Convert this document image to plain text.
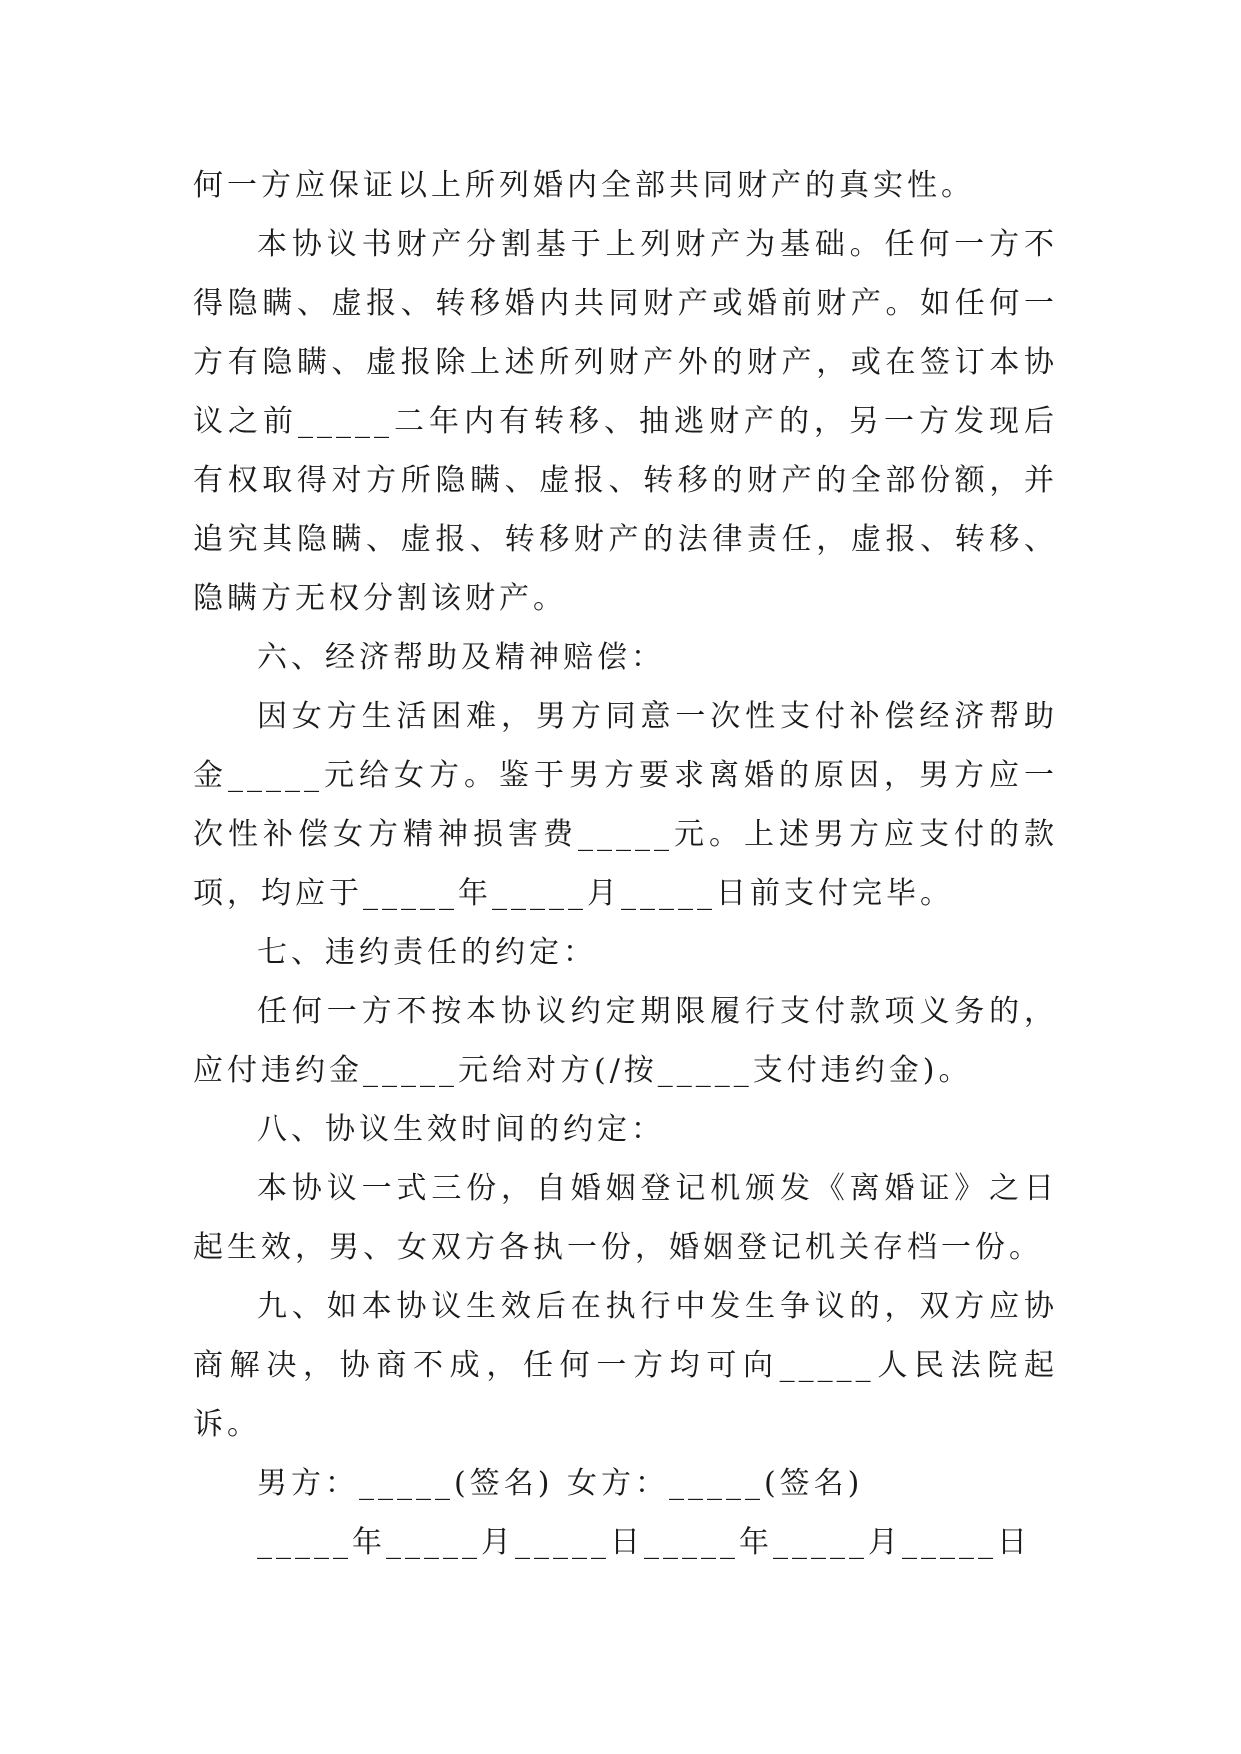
何一方应保证以上所列婚内全部共同财产的真实性。

本协议书财产分割基于上列财产为基础。任何一方不得隐瞒、虚报、转移婚内共同财产或婚前财产。如任何一方有隐瞒、虚报除上述所列财产外的财产，或在签订本协议之前_____二年内有转移、抽逃财产的，另一方发现后有权取得对方所隐瞒、虚报、转移的财产的全部份额，并追究其隐瞒、虚报、转移财产的法律责任，虚报、转移、隐瞒方无权分割该财产。

六、经济帮助及精神赔偿：

因女方生活困难，男方同意一次性支付补偿经济帮助金_____元给女方。鉴于男方要求离婚的原因，男方应一次性补偿女方精神损害费_____元。上述男方应支付的款项，均应于_____年_____月_____日前支付完毕。

七、违约责任的约定：

任何一方不按本协议约定期限履行支付款项义务的，应付违约金_____元给对方(/按_____支付违约金)。

八、协议生效时间的约定：

本协议一式三份，自婚姻登记机颁发《离婚证》之日起生效，男、女双方各执一份，婚姻登记机关存档一份。

九、如本协议生效后在执行中发生争议的，双方应协商解决，协商不成，任何一方均可向_____人民法院起诉。

男方：_____(签名) 女方：_____(签名)

_____年_____月_____日_____年_____月_____日
